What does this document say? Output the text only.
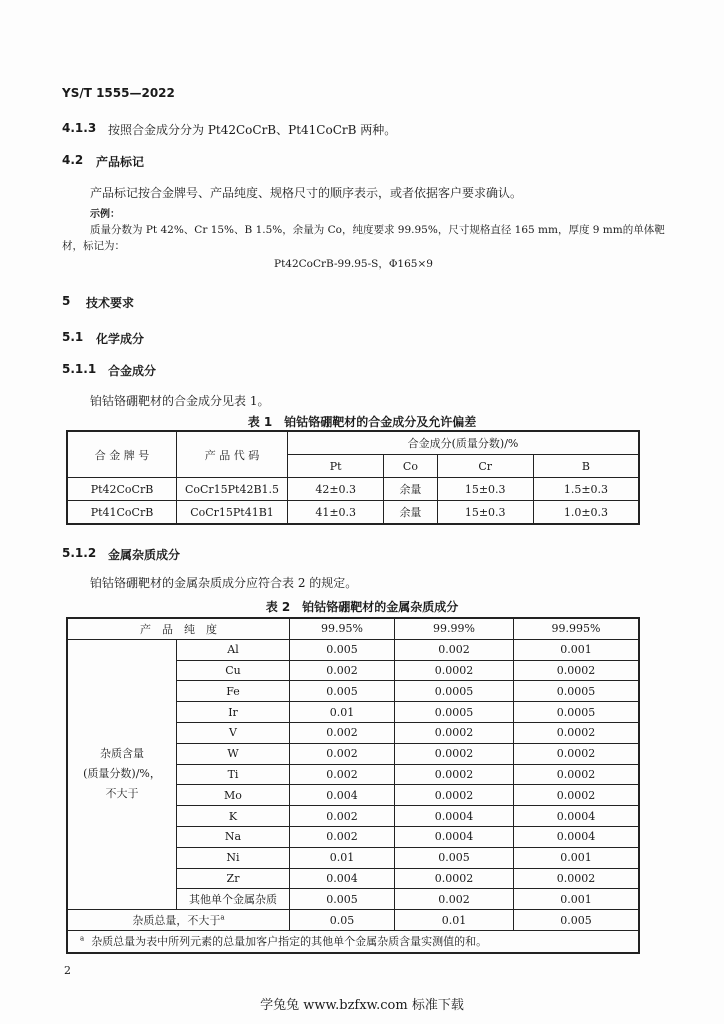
YS/T 1555—2022
4.1.3 按照合金成分分为 Pt42CoCrB、Pt41CoCrB 两种。
4.2 产品标记
产品标记按合金牌号、产品纯度、规格尺寸的顺序表示，或者依据客户要求确认。
示例：
质量分数为 Pt 42%、Cr 15%、B 1.5%，余量为 Co，纯度要求 99.95%，尺寸规格直径 165 mm，厚度 9 mm的单体靶
材，标记为：
Pt42CoCrB-99.95-S，Φ165×9
5 技术要求
5.1 化学成分
5.1.1 合金成分
铂钴铬硼靶材的合金成分见表 1。
表 1　铂钴铬硼靶材的合金成分及允许偏差
合 金 牌 号	产 品 代 码	合金成分(质量分数)/%			
		Pt	Co	Cr	B
Pt42CoCrB	CoCr15Pt42B1.5	42±0.3	余量	15±0.3	1.5±0.3
Pt41CoCrB	CoCr15Pt41B1	41±0.3	余量	15±0.3	1.0±0.3
5.1.2 金属杂质成分
铂钴铬硼靶材的金属杂质成分应符合表 2 的规定。
表 2　铂钴铬硼靶材的金属杂质成分
产　品　纯　度		99.95%	99.99%	99.995%

杂质含量
(质量分数)/%，
不大于	Al	0.005	0.002	0.001
	Cu	0.002	0.0002	0.0002
	Fe	0.005	0.0005	0.0005
	Ir	0.01	0.0005	0.0005
	V	0.002	0.0002	0.0002
	W	0.002	0.0002	0.0002
	Ti	0.002	0.0002	0.0002
	Mo	0.004	0.0002	0.0002
	K	0.002	0.0004	0.0004
	Na	0.002	0.0004	0.0004
	Ni	0.01	0.005	0.001
	Zr	0.004	0.0002	0.0002
	其他单个金属杂质	0.005	0.002	0.001
杂质总量，不大于$^a$		0.05	0.01	0.005
$^a$ 杂质总量为表中所列元素的总量加客户指定的其他单个金属杂质含量实测值的和。				
2
学兔兔 www.bzfxw.com 标准下载
